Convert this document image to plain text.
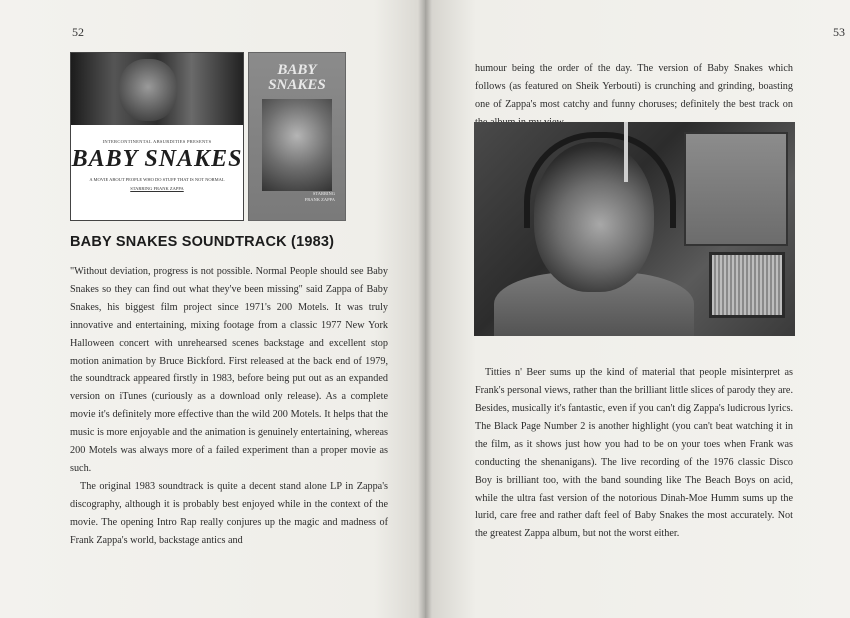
52
INTERCONTINENTAL ABSURDITIES PRESENTS
BABY SNAKES
A MOVIE ABOUT PEOPLE WHO DO STUFF THAT IS NOT NORMAL
STARRING FRANK ZAPPA
BABY
SNAKES
STARRING
FRANK ZAPPA
BABY SNAKES SOUNDTRACK (1983)

"Without deviation, progress is not possible. Normal People should see Baby Snakes so they can find out what they've been missing" said Zappa of Baby Snakes, his biggest film project since 1971's 200 Motels. It was truly innovative and entertaining, mixing footage from a classic 1977 New York Halloween concert with unrehearsed scenes backstage and excellent stop motion animation by Bruce Bickford. First released at the back end of 1979, the soundtrack appeared firstly in 1983, before being put out as an expanded version on iTunes (curiously as a download only release). As a complete movie it's definitely more effective than the wild 200 Motels. It helps that the music is more enjoyable and the animation is genuinely entertaining, whereas 200 Motels was always more of a failed experiment than a proper movie as such.

The original 1983 soundtrack is quite a decent stand alone LP in Zappa's discography, although it is probably best enjoyed while in the context of the movie. The opening Intro Rap really conjures up the magic and madness of Frank Zappa's world, backstage antics and

53

humour being the order of the day. The version of Baby Snakes which follows (as featured on Sheik Yerbouti) is crunching and grinding, boasting one of Zappa's most catchy and funny choruses; definitely the best track on

Titties n' Beer sums up the kind of material that people misinterpret as Frank's personal views, rather than the brilliant little slices of parody they are. Besides, musically it's fantastic, even if you can't dig Zappa's ludicrous lyrics. The Black Page Number 2 is another highlight (you can't beat watching it in the film, as it shows just how you had to be on your toes when Frank was conducting the shenanigans). The live recording of the 1976 classic Disco Boy is brilliant too, with the band sounding like The Beach Boys on acid, while the ultra fast version of the notorious Dinah-Moe Humm sums up the lurid, care free and rather daft feel of Baby Snakes the most accurately. Not the greatest Zappa album, but not the worst either.
